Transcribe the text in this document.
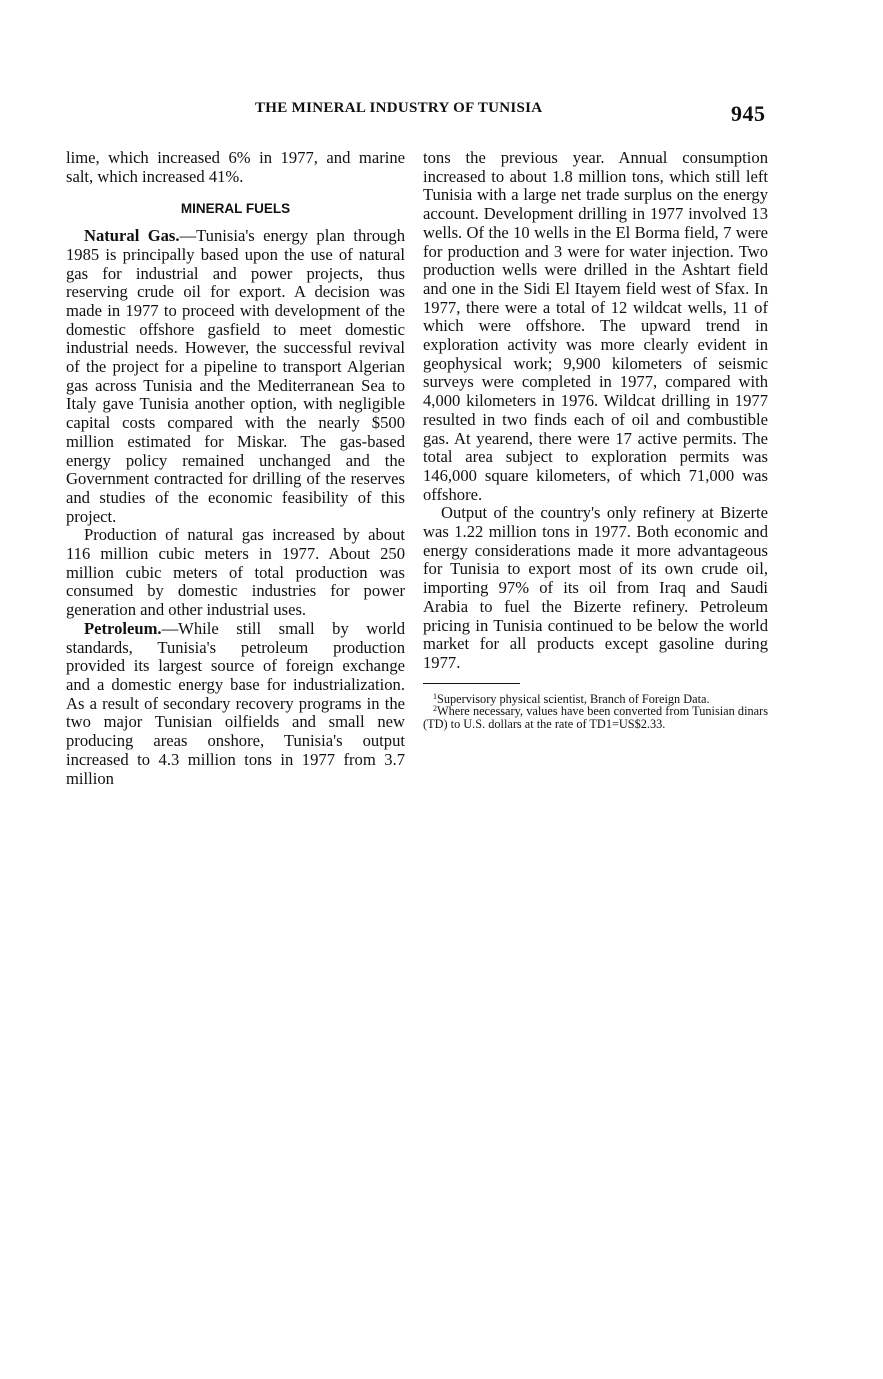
THE MINERAL INDUSTRY OF TUNISIA	945

lime, which increased 6% in 1977, and marine salt, which increased 41%.

MINERAL FUELS

Natural Gas.—Tunisia's energy plan through 1985 is principally based upon the use of natural gas for industrial and power projects, thus reserving crude oil for export. A decision was made in 1977 to proceed with development of the domestic offshore gasfield to meet domestic industrial needs. However, the successful revival of the project for a pipeline to transport Algerian gas across Tunisia and the Mediterranean Sea to Italy gave Tunisia another option, with negligible capital costs compared with the nearly $500 million estimated for Miskar. The gas-based energy policy remained unchanged and the Government contracted for drilling of the reserves and studies of the economic feasibility of this project.

Production of natural gas increased by about 116 million cubic meters in 1977. About 250 million cubic meters of total production was consumed by domestic industries for power generation and other industrial uses.

Petroleum.—While still small by world standards, Tunisia's petroleum production provided its largest source of foreign exchange and a domestic energy base for industrialization. As a result of secondary recovery programs in the two major Tunisian oilfields and small new producing areas onshore, Tunisia's output increased to 4.3 million tons in 1977 from 3.7 million

tons the previous year. Annual consumption increased to about 1.8 million tons, which still left Tunisia with a large net trade surplus on the energy account. Development drilling in 1977 involved 13 wells. Of the 10 wells in the El Borma field, 7 were for production and 3 were for water injection. Two production wells were drilled in the Ashtart field and one in the Sidi El Itayem field west of Sfax. In 1977, there were a total of 12 wildcat wells, 11 of which were offshore. The upward trend in exploration activity was more clearly evident in geophysical work; 9,900 kilometers of seismic surveys were completed in 1977, compared with 4,000 kilometers in 1976. Wildcat drilling in 1977 resulted in two finds each of oil and combustible gas. At yearend, there were 17 active permits. The total area subject to exploration permits was 146,000 square kilometers, of which 71,000 was offshore.

Output of the country's only refinery at Bizerte was 1.22 million tons in 1977. Both economic and energy considerations made it more advantageous for Tunisia to export most of its own crude oil, importing 97% of its oil from Iraq and Saudi Arabia to fuel the Bizerte refinery. Petroleum pricing in Tunisia continued to be below the world market for all products except gasoline during 1977.

$^1$Supervisory physical scientist, Branch of Foreign Data.

$^2$Where necessary, values have been converted from Tunisian dinars (TD) to U.S. dollars at the rate of TD1=US$2.33.
